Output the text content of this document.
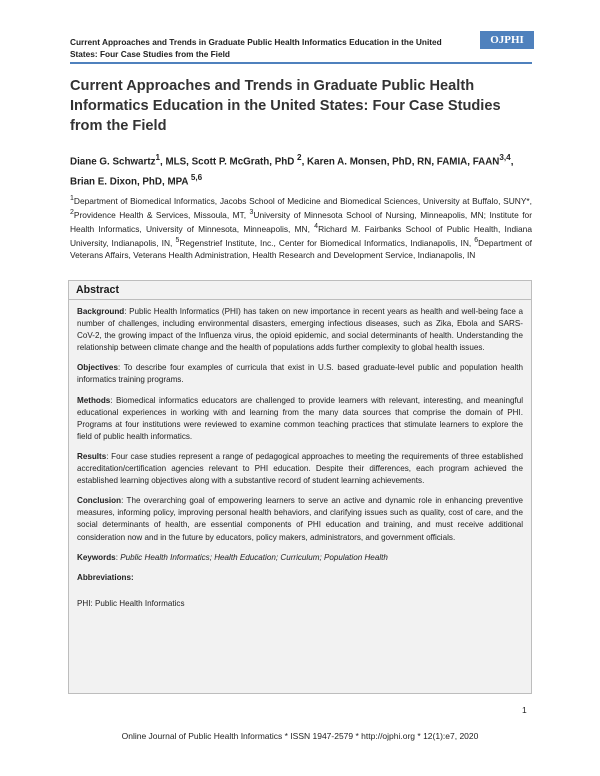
Current Approaches and Trends in Graduate Public Health Informatics Education in the United States: Four Case Studies from the Field
OJPHI
Current Approaches and Trends in Graduate Public Health Informatics Education in the United States: Four Case Studies from the Field
Diane G. Schwartz$^1$, MLS, Scott P. McGrath, PhD $^2$, Karen A. Monsen, PhD, RN, FAMIA, FAAN$^{3,4}$, Brian E. Dixon, PhD, MPA $^{5,6}$
$^1$Department of Biomedical Informatics, Jacobs School of Medicine and Biomedical Sciences, University at Buffalo, SUNY*, $^2$Providence Health & Services, Missoula, MT, $^3$University of Minnesota School of Nursing, Minneapolis, MN; Institute for Health Informatics, University of Minnesota, Minneapolis, MN, $^4$Richard M. Fairbanks School of Public Health, Indiana University, Indianapolis, IN, $^5$Regenstrief Institute, Inc., Center for Biomedical Informatics, Indianapolis, IN, $^6$Department of Veterans Affairs, Veterans Health Administration, Health Research and Development Service, Indianapolis, IN
Abstract

Background: Public Health Informatics (PHI) has taken on new importance in recent years as health and well-being face a number of challenges, including environmental disasters, emerging infectious diseases, such as Zika, Ebola and SARS-CoV-2, the growing impact of the Influenza virus, the opioid epidemic, and social determinants of health. Understanding the relationship between climate change and the health of populations adds further complexity to global health issues.

Objectives: To describe four examples of curricula that exist in U.S. based graduate-level public and population health informatics training programs.

Methods: Biomedical informatics educators are challenged to provide learners with relevant, interesting, and meaningful educational experiences in working with and learning from the many data sources that comprise the domain of PHI. Programs at four institutions were reviewed to examine common teaching practices that stimulate learners to explore the field of public health informatics.

Results: Four case studies represent a range of pedagogical approaches to meeting the requirements of three established accreditation/certification agencies relevant to PHI education. Despite their differences, each program achieved the established learning objectives along with a substantive record of student learning achievements.

Conclusion: The overarching goal of empowering learners to serve an active and dynamic role in enhancing preventive measures, informing policy, improving personal health behaviors, and clarifying issues such as quality, cost of care, and the social determinants of health, are essential components of PHI education and training, and must receive additional consideration now and in the future by educators, policy makers, administrators, and government officials.

Keywords: Public Health Informatics; Health Education; Curriculum; Population Health

Abbreviations:

PHI: Public Health Informatics

1
Online Journal of Public Health Informatics * ISSN 1947-2579 * http://ojphi.org * 12(1):e7, 2020
